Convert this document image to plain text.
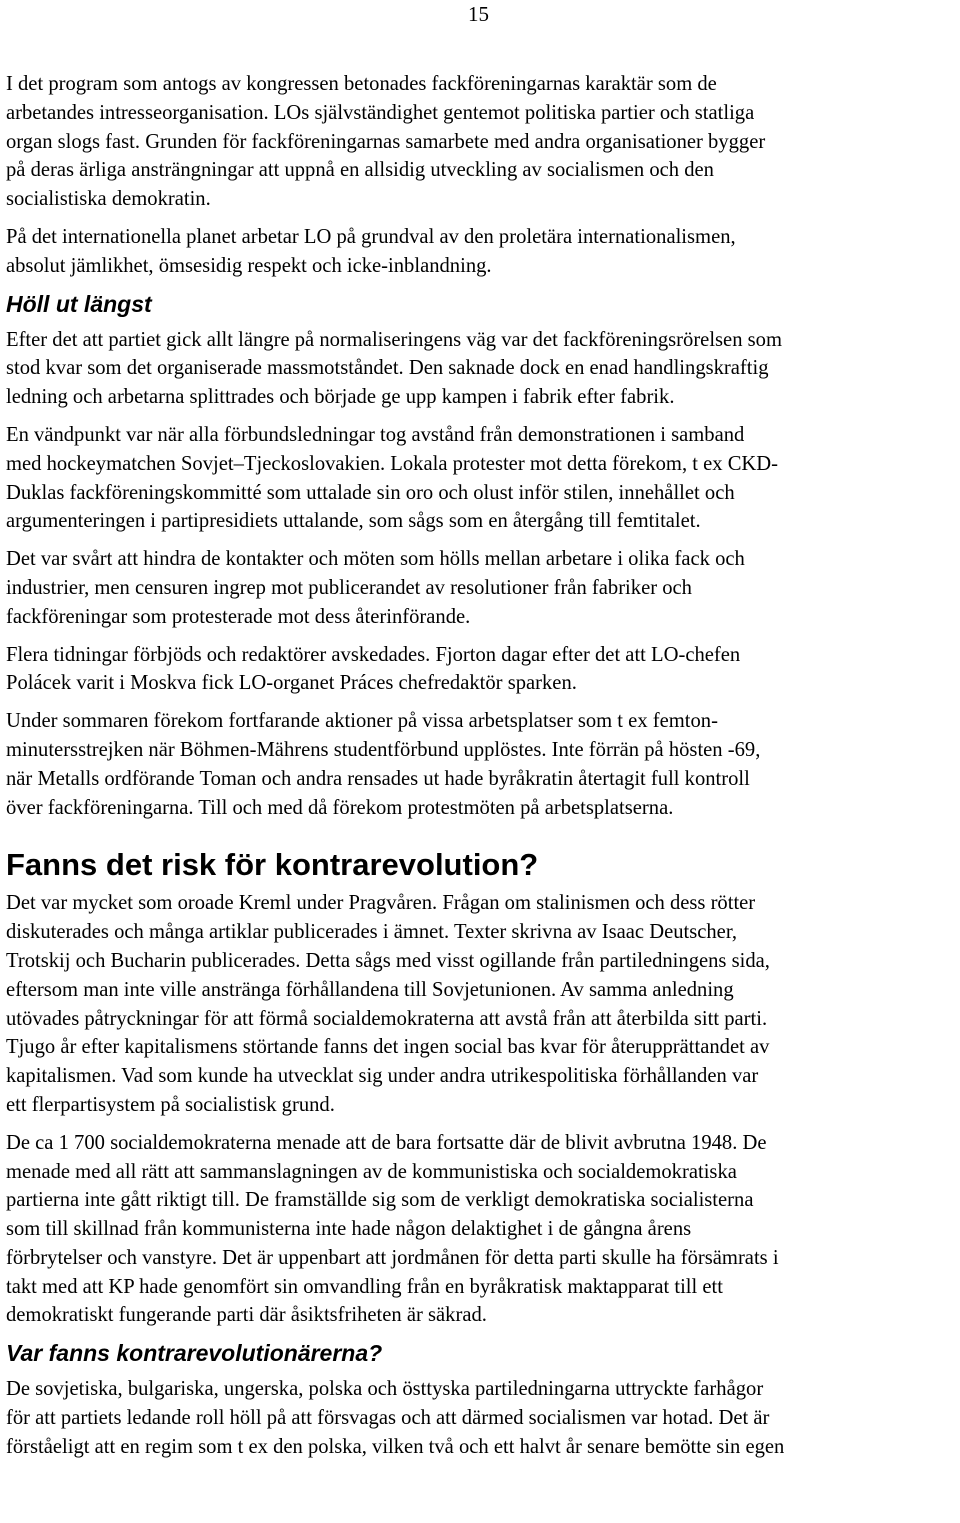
15

I det program som antogs av kongressen betonades fackföreningarnas karaktär som de
arbetandes intresseorganisation. LOs självständighet gentemot politiska partier och statliga
organ slogs fast. Grunden för fackföreningarnas samarbete med andra organisationer bygger
på deras ärliga ansträngningar att uppnå en allsidig utveckling av socialismen och den
socialistiska demokratin.

På det internationella planet arbetar LO på grundval av den proletära internationalismen,
absolut jämlikhet, ömsesidig respekt och icke-inblandning.

Höll ut längst

Efter det att partiet gick allt längre på normaliseringens väg var det fackföreningsrörelsen som
stod kvar som det organiserade massmotståndet. Den saknade dock en enad handlingskraftig
ledning och arbetarna splittrades och började ge upp kampen i fabrik efter fabrik.

En vändpunkt var när alla förbundsledningar tog avstånd från demonstrationen i samband
med hockeymatchen Sovjet–Tjeckoslovakien. Lokala protester mot detta förekom, t ex CKD-
Duklas fackföreningskommitté som uttalade sin oro och olust inför stilen, innehållet och
argumenteringen i partipresidiets uttalande, som sågs som en återgång till femtitalet.

Det var svårt att hindra de kontakter och möten som hölls mellan arbetare i olika fack och
industrier, men censuren ingrep mot publicerandet av resolutioner från fabriker och
fackföreningar som protesterade mot dess återinförande.

Flera tidningar förbjöds och redaktörer avskedades. Fjorton dagar efter det att LO-chefen
Polácek varit i Moskva fick LO-organet Práces chefredaktör sparken.

Under sommaren förekom fortfarande aktioner på vissa arbetsplatser som t ex femton-
minutersstrejken när Böhmen-Mährens studentförbund upplöstes. Inte förrän på hösten -69,
när Metalls ordförande Toman och andra rensades ut hade byråkratin återtagit full kontroll
över fackföreningarna. Till och med då förekom protestmöten på arbetsplatserna.

Fanns det risk för kontrarevolution?

Det var mycket som oroade Kreml under Pragvåren. Frågan om stalinismen och dess rötter
diskuterades och många artiklar publicerades i ämnet. Texter skrivna av Isaac Deutscher,
Trotskij och Bucharin publicerades. Detta sågs med visst ogillande från partiledningens sida,
eftersom man inte ville anstränga förhållandena till Sovjetunionen. Av samma anledning
utövades påtryckningar för att förmå socialdemokraterna att avstå från att återbilda sitt parti.
Tjugo år efter kapitalismens störtande fanns det ingen social bas kvar för återupprättandet av
kapitalismen. Vad som kunde ha utvecklat sig under andra utrikespolitiska förhållanden var
ett flerpartisystem på socialistisk grund.

De ca 1 700 socialdemokraterna menade att de bara fortsatte där de blivit avbrutna 1948. De
menade med all rätt att sammanslagningen av de kommunistiska och socialdemokratiska
partierna inte gått riktigt till. De framställde sig som de verkligt demokratiska socialisterna
som till skillnad från kommunisterna inte hade någon delaktighet i de gångna årens
förbrytelser och vanstyre. Det är uppenbart att jordmånen för detta parti skulle ha försämrats i
takt med att KP hade genomfört sin omvandling från en byråkratisk maktapparat till ett
demokratiskt fungerande parti där åsiktsfriheten är säkrad.

Var fanns kontrarevolutionärerna?

De sovjetiska, bulgariska, ungerska, polska och östtyska partiledningarna uttryckte farhågor
för att partiets ledande roll höll på att försvagas och att därmed socialismen var hotad. Det är
förståeligt att en regim som t ex den polska, vilken två och ett halvt år senare bemötte sin egen
